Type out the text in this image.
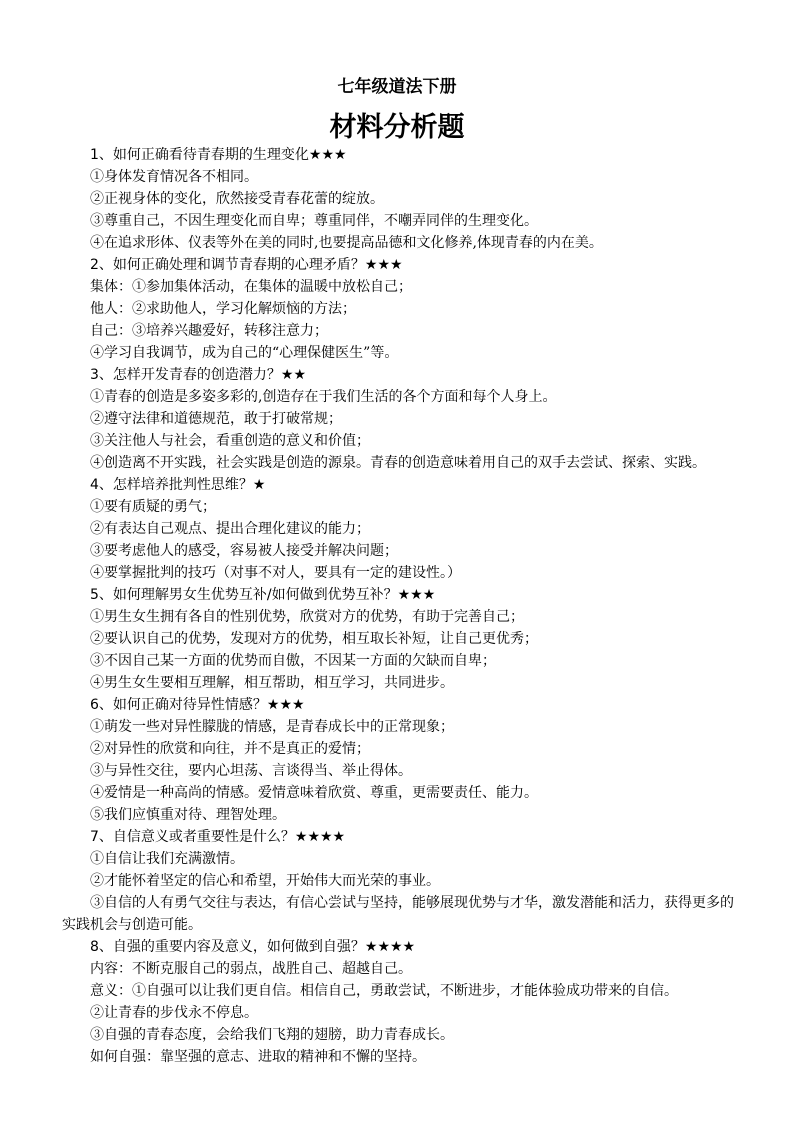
七年级道法下册
材料分析题
1、如何正确看待青春期的生理变化★★★
①身体发育情况各不相同。
②正视身体的变化，欣然接受青春花蕾的绽放。
③尊重自己，不因生理变化而自卑；尊重同伴，不嘲弄同伴的生理变化。
④在追求形体、仪表等外在美的同时,也要提高品德和文化修养,体现青春的内在美。
2、如何正确处理和调节青春期的心理矛盾？★★★
集体：①参加集体活动，在集体的温暖中放松自己；
他人：②求助他人，学习化解烦恼的方法；
自己：③培养兴趣爱好，转移注意力；
④学习自我调节，成为自己的“心理保健医生”等。
3、怎样开发青春的创造潜力？★★
①青春的创造是多姿多彩的,创造存在于我们生活的各个方面和每个人身上。
②遵守法律和道德规范，敢于打破常规；
③关注他人与社会，看重创造的意义和价值；
④创造离不开实践，社会实践是创造的源泉。青春的创造意味着用自己的双手去尝试、探索、实践。
4、怎样培养批判性思维？★
①要有质疑的勇气；
②有表达自己观点、提出合理化建议的能力；
③要考虑他人的感受，容易被人接受并解决问题；
④要掌握批判的技巧（对事不对人，要具有一定的建设性。）
5、如何理解男女生优势互补/如何做到优势互补？★★★
①男生女生拥有各自的性别优势，欣赏对方的优势，有助于完善自己；
②要认识自己的优势，发现对方的优势，相互取长补短，让自己更优秀；
③不因自己某一方面的优势而自傲，不因某一方面的欠缺而自卑；
④男生女生要相互理解，相互帮助，相互学习，共同进步。
6、如何正确对待异性情感？★★★
①萌发一些对异性朦胧的情感，是青春成长中的正常现象；
②对异性的欣赏和向往，并不是真正的爱情；
③与异性交往，要内心坦荡、言谈得当、举止得体。
④爱情是一种高尚的情感。爱情意味着欣赏、尊重，更需要责任、能力。
⑤我们应慎重对待、理智处理。
7、自信意义或者重要性是什么？★★★★
①自信让我们充满激情。
②才能怀着坚定的信心和希望，开始伟大而光荣的事业。
③自信的人有勇气交往与表达，有信心尝试与坚持，能够展现优势与才华，激发潜能和活力，获得更多的实践机会与创造可能。
8、自强的重要内容及意义，如何做到自强？★★★★
内容：不断克服自己的弱点，战胜自己、超越自己。
意义：①自强可以让我们更自信。相信自己，勇敢尝试，不断进步，才能体验成功带来的自信。
②让青春的步伐永不停息。
③自强的青春态度，会给我们飞翔的翅膀，助力青春成长。
如何自强：靠坚强的意志、进取的精神和不懈的坚持。
